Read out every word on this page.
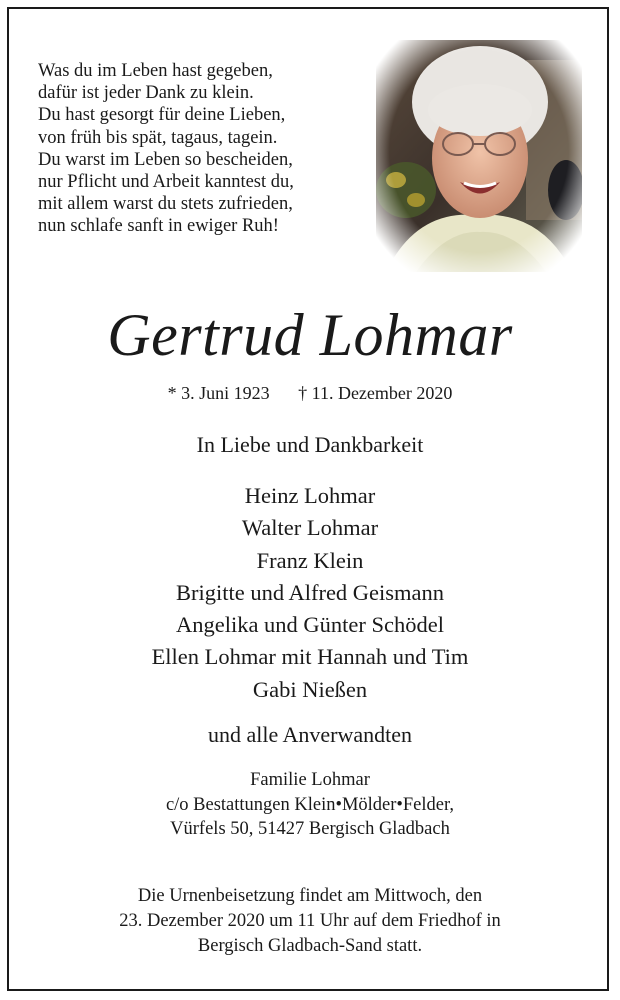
Was du im Leben hast gegeben,
dafür ist jeder Dank zu klein.
Du hast gesorgt für deine Lieben,
von früh bis spät, tagaus, tagein.
Du warst im Leben so bescheiden,
nur Pflicht und Arbeit kanntest du,
mit allem warst du stets zufrieden,
nun schlafe sanft in ewiger Ruh!
Gertrud Lohmar
* 3. Juni 1923 † 11. Dezember 2020
In Liebe und Dankbarkeit
Heinz Lohmar
Walter Lohmar
Franz Klein
Brigitte und Alfred Geismann
Angelika und Günter Schödel
Ellen Lohmar mit Hannah und Tim
Gabi Nießen
und alle Anverwandten
Familie Lohmar
c/o Bestattungen Klein•Mölder•Felder,
Vürfels 50, 51427 Bergisch Gladbach
Die Urnenbeisetzung findet am Mittwoch, den
23. Dezember 2020 um 11 Uhr auf dem Friedhof in
Bergisch Gladbach-Sand statt.
